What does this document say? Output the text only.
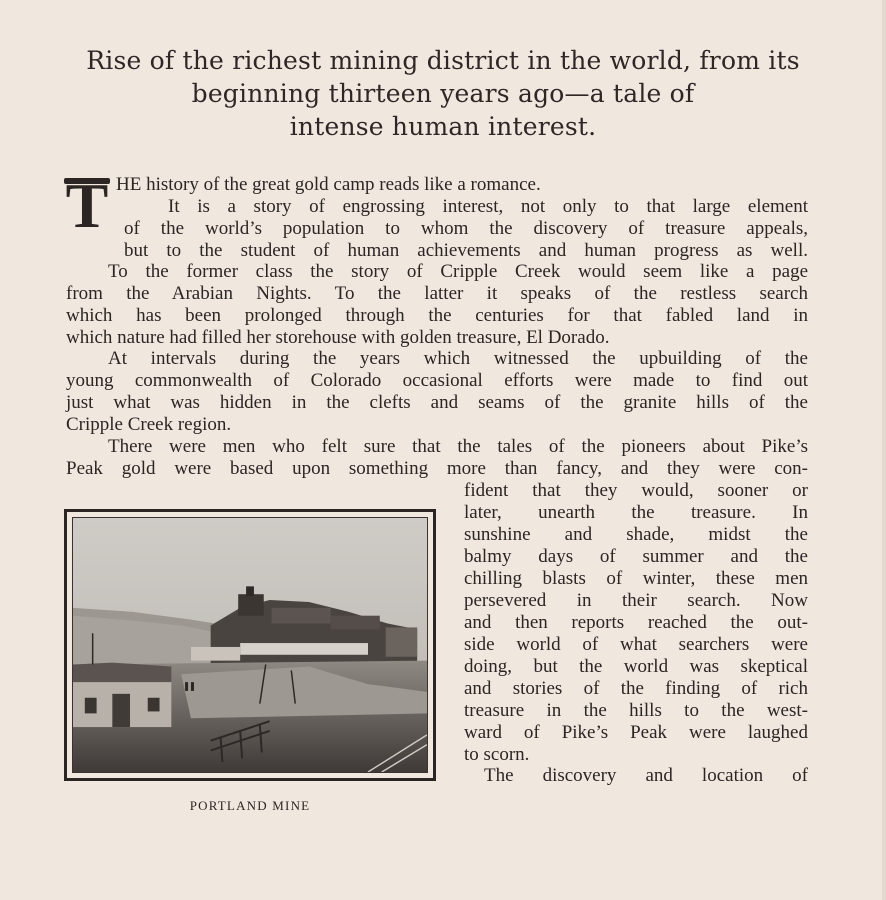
Rise of the richest mining district in the world, from its
beginning thirteen years ago—a tale of
intense human interest.
T HE history of the great gold camp reads like a romance.
It is a story of engrossing interest, not only to that large element
of the world’s population to whom the discovery of treasure appeals,
but to the student of human achievements and human progress as well.
To the former class the story of Cripple Creek would seem like a page
from the Arabian Nights. To the latter it speaks of the restless search
which has been prolonged through the centuries for that fabled land in
which nature had filled her storehouse with golden treasure, El Dorado.
At intervals during the years which witnessed the upbuilding of the
young commonwealth of Colorado occasional efforts were made to find out
just what was hidden in the clefts and seams of the granite hills of the
Cripple Creek region.
There were men who felt sure that the tales of the pioneers about Pike’s
Peak gold were based upon something more than fancy, and they were con-
fident that they would, sooner or
later, unearth the treasure. In
sunshine and shade, midst the
balmy days of summer and the
chilling blasts of winter, these men
persevered in their search. Now
and then reports reached the out-
side world of what searchers were
doing, but the world was skeptical
and stories of the finding of rich
treasure in the hills to the west-
ward of Pike’s Peak were laughed
to scorn.
The discovery and location of
PORTLAND MINE
